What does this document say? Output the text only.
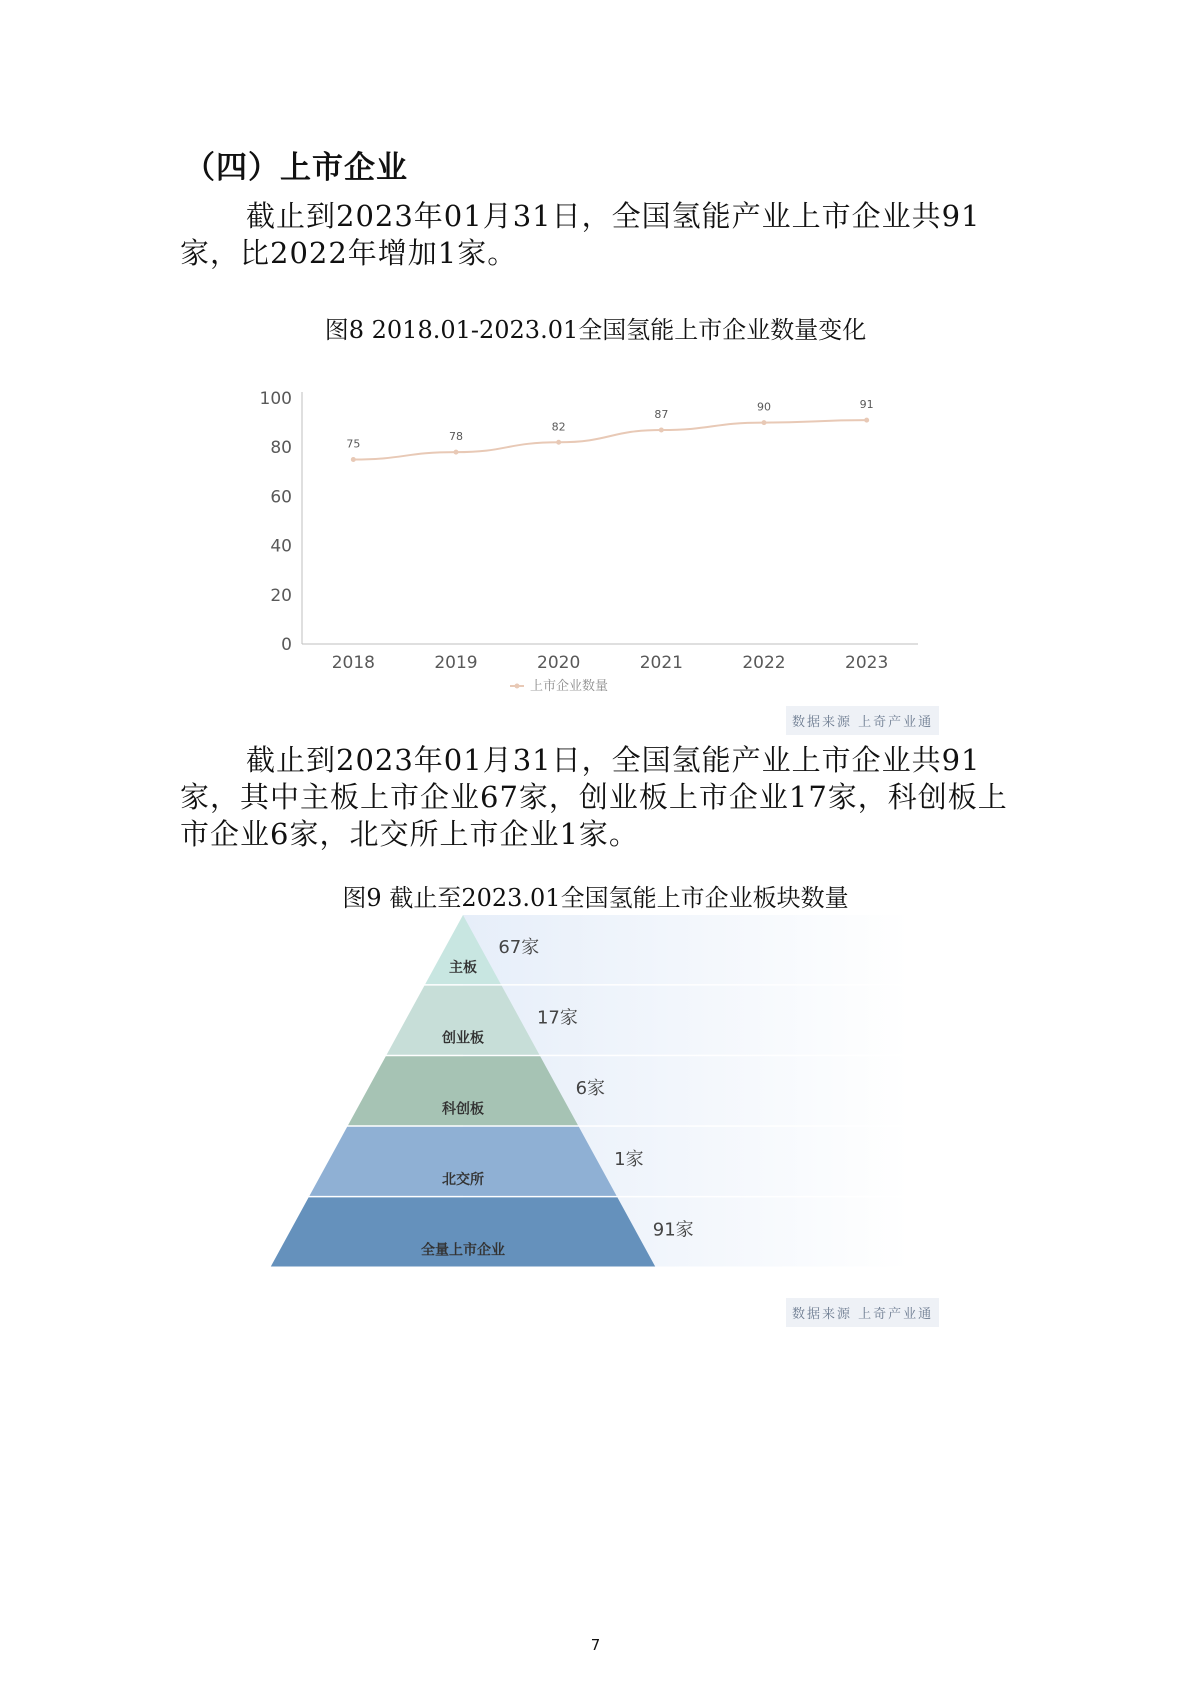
（四）上市企业
截止到2023年01月31日，全国氢能产业上市企业共91家，比2022年增加1家。
图8 2018.01-2023.01全国氢能上市企业数量变化
0
20
40
60
80
100
2018	2019	2020	2021	2022	2023
75
78
82
87
90	91
上市企业数量
数据来源 上奇产业通
截止到2023年01月31日，全国氢能产业上市企业共91家，其中主板上市企业67家，创业板上市企业17家，科创板上市企业6家，北交所上市企业1家。
图9 截止至2023.01全国氢能上市企业板块数量
主板
67家
创业板
17家
科创板
6家
北交所
1家
全量上市企业
91家
数据来源 上奇产业通
7
